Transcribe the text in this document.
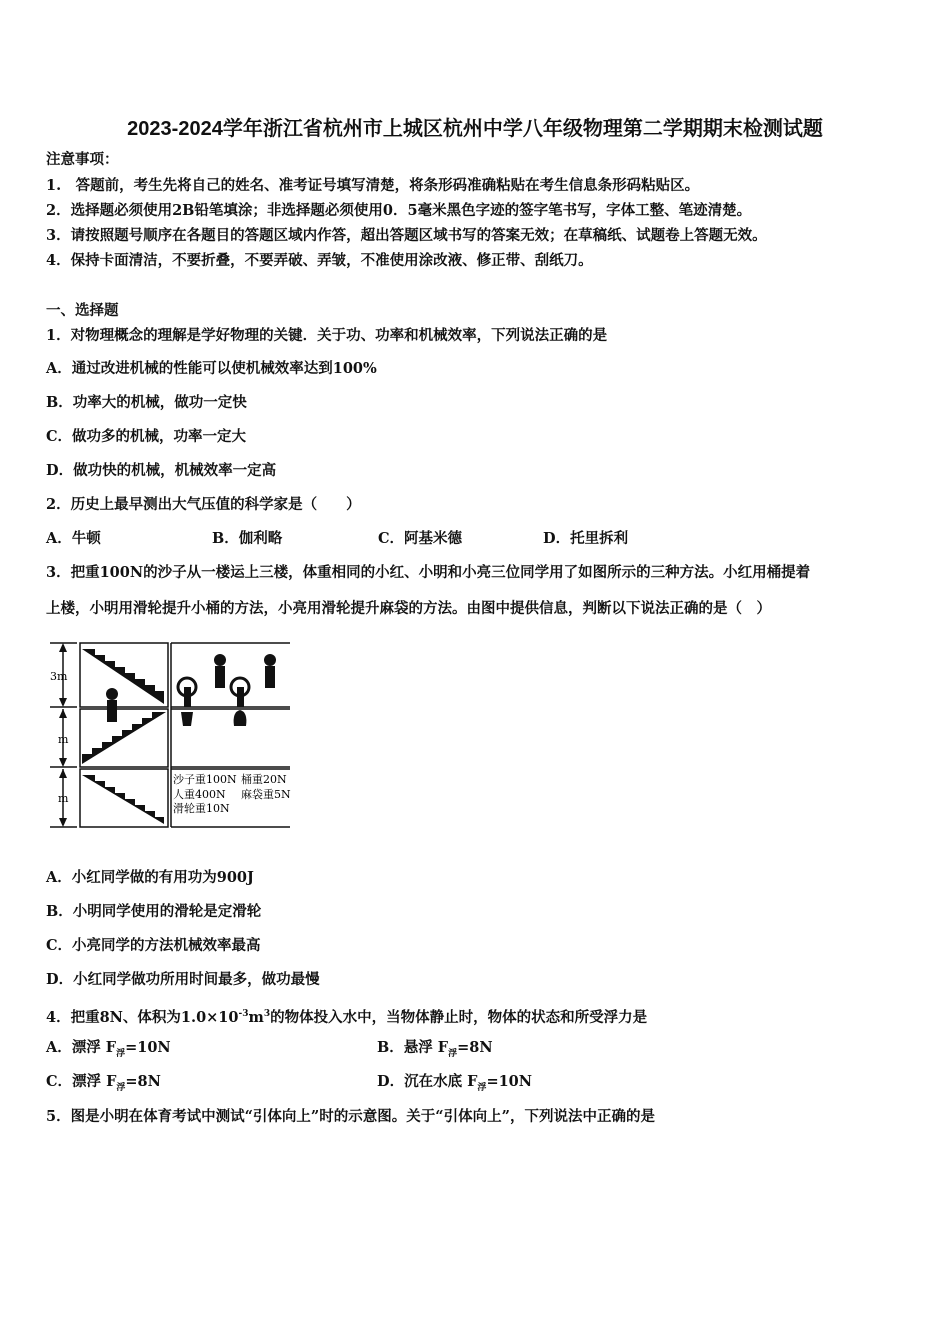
2023-2024学年浙江省杭州市上城区杭州中学八年级物理第二学期期末检测试题
注意事项：
1.　答题前，考生先将自己的姓名、准考证号填写清楚，将条形码准确粘贴在考生信息条形码粘贴区。
2．选择题必须使用2B铅笔填涂；非选择题必须使用0．5毫米黑色字迹的签字笔书写，字体工整、笔迹清楚。
3．请按照题号顺序在各题目的答题区域内作答，超出答题区域书写的答案无效；在草稿纸、试题卷上答题无效。
4．保持卡面清洁，不要折叠，不要弄破、弄皱，不准使用涂改液、修正带、刮纸刀。
一、选择题
1．对物理概念的理解是学好物理的关键．关于功、功率和机械效率，下列说法正确的是
A．通过改进机械的性能可以使机械效率达到100%
B．功率大的机械，做功一定快
C．做功多的机械，功率一定大
D．做功快的机械，机械效率一定高
2．历史上最早测出大气压值的科学家是（　　）
A．牛顿	B．伽利略	C．阿基米德	D．托里拆利
3．把重100N的沙子从一楼运上三楼，体重相同的小红、小明和小亮三位同学用了如图所示的三种方法。小红用桶提着
上楼，小明用滑轮提升小桶的方法，小亮用滑轮提升麻袋的方法。由图中提供信息，判断以下说法正确的是（　）
3m
m
m
沙子重100N 桶重20N
人重400N 麻袋重5N
滑轮重10N
A．小红同学做的有用功为900J
B．小明同学使用的滑轮是定滑轮
C．小亮同学的方法机械效率最高
D．小红同学做功所用时间最多，做功最慢
4．把重8N、体积为$1.0\times 10^{-3}m^3$的物体投入水中，当物体静止时，物体的状态和所受浮力是
A．漂浮 $F_浮=10N$	B．悬浮 $F_浮=8N$
C．漂浮 $F_浮=8N$	D．沉在水底 $F_浮=10N$
5．图是小明在体育考试中测试“引体向上”时的示意图。关于“引体向上”，下列说法中正确的是
